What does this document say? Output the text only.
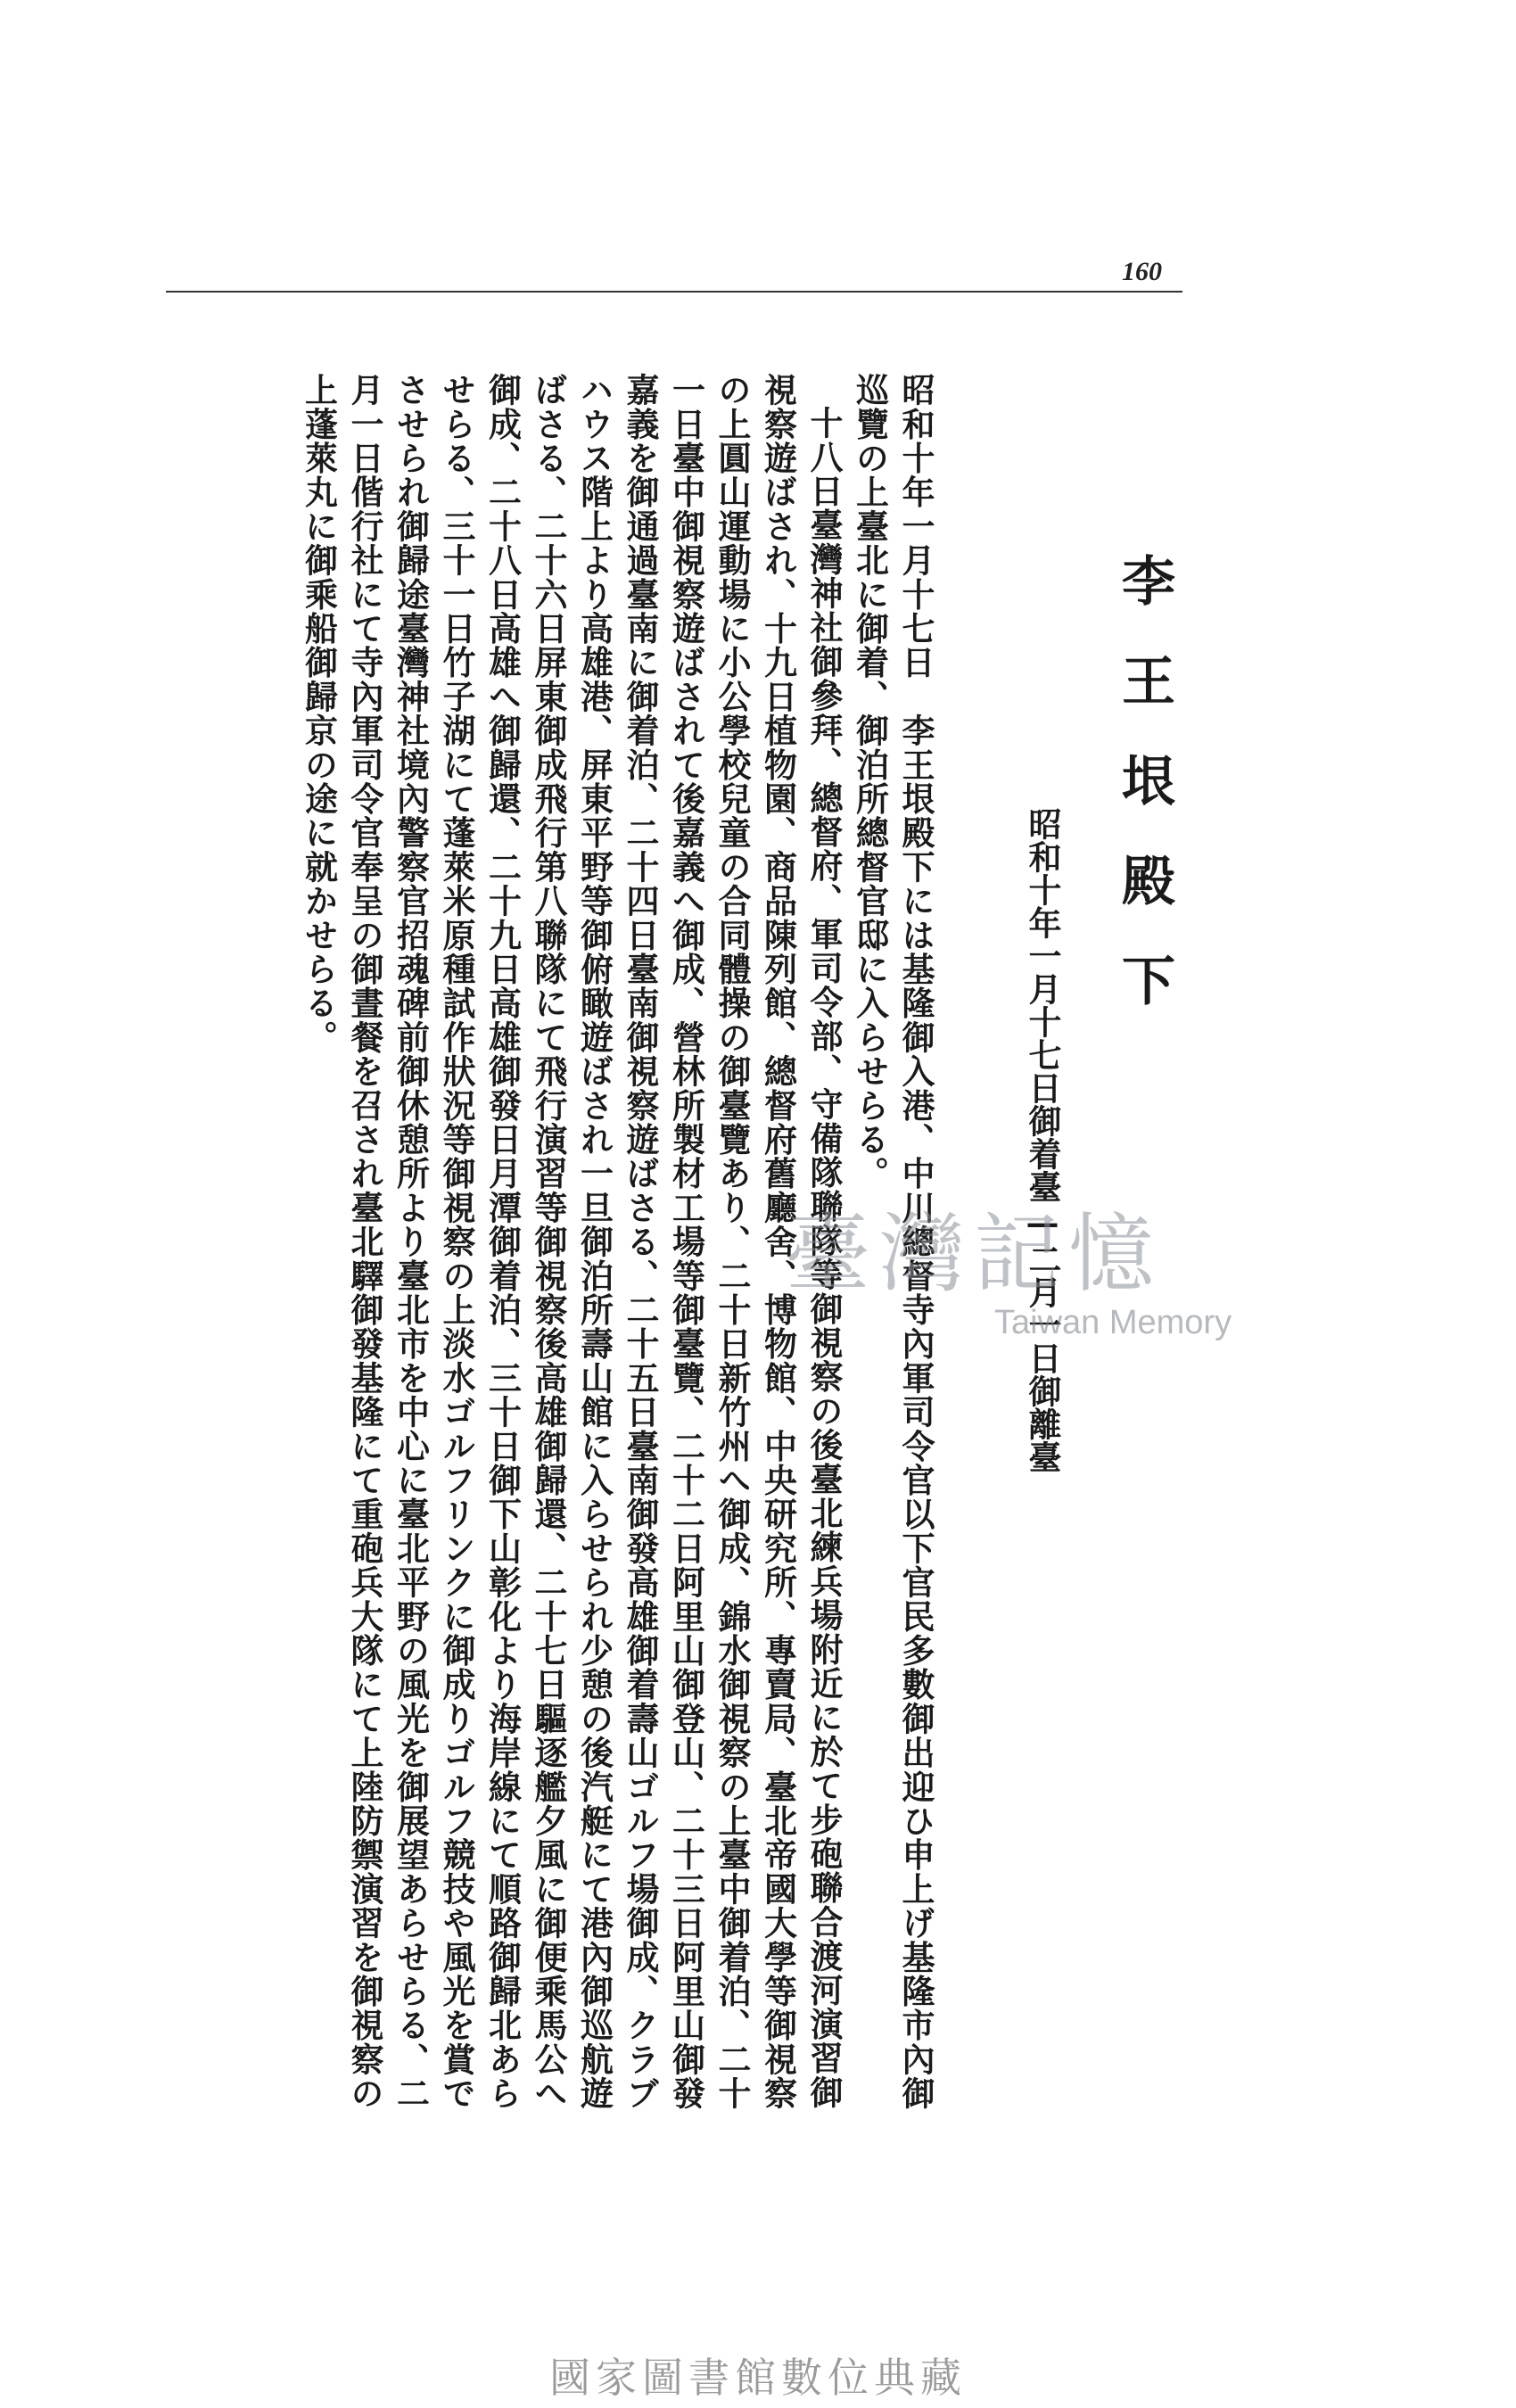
160
李王垠殿下
昭和十年一月十七日御着臺—二月一日御離臺

昭和十年一月十七日　李王垠殿下には基隆御入港、中川總督寺內軍司令官以下官民多數御出迎ひ申上げ基隆市內御巡覽の上臺北に御着、御泊所總督官邸に入らせらる。

十八日臺灣神社御參拜、總督府、軍司令部、守備隊聯隊等御視察の後臺北練兵場附近に於て步砲聯合渡河演習御視察遊ばされ、十九日植物園、商品陳列館、總督府舊廳舍、博物館、中央研究所、專賣局、臺北帝國大學等御視察の上圓山運動場に小公學校兒童の合同體操の御臺覽あり、二十日新竹州へ御成、錦水御視察の上臺中御着泊、二十一日臺中御視察遊ばされて後嘉義へ御成、營林所製材工場等御臺覽、二十二日阿里山御登山、二十三日阿里山御發嘉義を御通過臺南に御着泊、二十四日臺南御視察遊ばさる、二十五日臺南御發高雄御着壽山ゴルフ場御成、クラブハウス階上より高雄港、屏東平野等御俯瞰遊ばされ一旦御泊所壽山館に入らせられ少憩の後汽艇にて港內御巡航遊ばさる、二十六日屏東御成飛行第八聯隊にて飛行演習等御視察後高雄御歸還、二十七日驅逐艦夕風に御便乘馬公へ御成、二十八日高雄へ御歸還、二十九日高雄御發日月潭御着泊、三十日御下山彰化より海岸線にて順路御歸北あらせらる、三十一日竹子湖にて蓬萊米原種試作狀況等御視察の上淡水ゴルフリンクに御成りゴルフ競技や風光を賞でさせられ御歸途臺灣神社境內警察官招魂碑前御休憩所より臺北市を中心に臺北平野の風光を御展望あらせらる、二月一日偕行社にて寺內軍司令官奉呈の御晝餐を召され臺北驛御發基隆にて重砲兵大隊にて上陸防禦演習を御視察の上蓬萊丸に御乘船御歸京の途に就かせらる。

臺灣記憶
Taiwan Memory
國家圖書館數位典藏
